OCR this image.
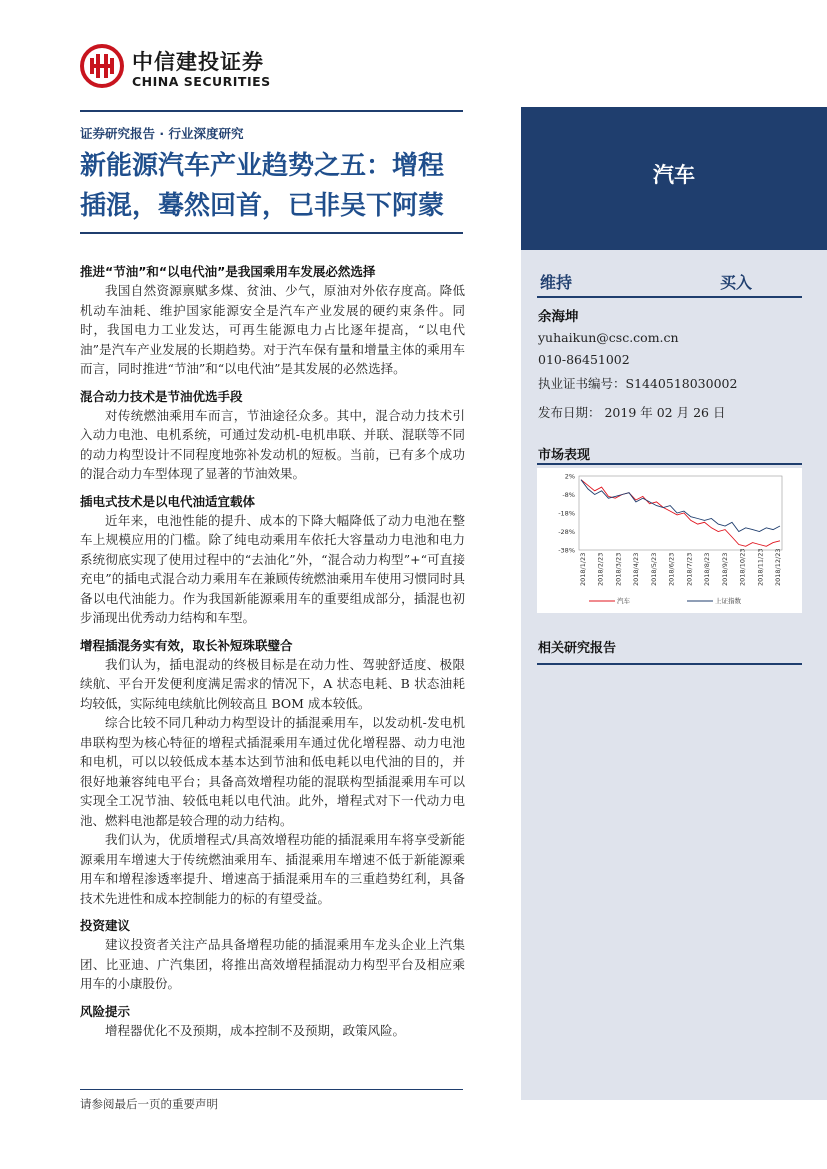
中信建投证券
CHINA SECURITIES
证券研究报告 · 行业深度研究
新能源汽车产业趋势之五：增程
插混，蓦然回首，已非吴下阿蒙
汽车
维持	买入
余海坤
yuhaikun@csc.com.cn
010-86451002
执业证书编号：S1440518030002
发布日期： 2019 年 02 月 26 日
市场表现
2%
-8%
-18%
-28%
-38%
2018/1/23 2018/2/23 2018/3/23 2018/4/23 2018/5/23 2018/6/23 2018/7/23 2018/8/23 2018/9/23 2018/10/23 2018/11/23 2018/12/23
汽车	上证指数
相关研究报告
推进“节油”和“以电代油”是我国乘用车发展必然选择

我国自然资源禀赋多煤、贫油、少气，原油对外依存度高。降低机动车油耗、维护国家能源安全是汽车产业发展的硬约束条件。同时，我国电力工业发达，可再生能源电力占比逐年提高，“以电代油”是汽车产业发展的长期趋势。对于汽车保有量和增量主体的乘用车而言，同时推进“节油”和“以电代油”是其发展的必然选择。

混合动力技术是节油优选手段

对传统燃油乘用车而言，节油途径众多。其中，混合动力技术引入动力电池、电机系统，可通过发动机-电机串联、并联、混联等不同的动力构型设计不同程度地弥补发动机的短板。当前，已有多个成功的混合动力车型体现了显著的节油效果。

插电式技术是以电代油适宜载体

近年来，电池性能的提升、成本的下降大幅降低了动力电池在整车上规模应用的门槛。除了纯电动乘用车依托大容量动力电池和电力系统彻底实现了使用过程中的“去油化”外，“混合动力构型”+“可直接充电”的插电式混合动力乘用车在兼顾传统燃油乘用车使用习惯同时具备以电代油能力。作为我国新能源乘用车的重要组成部分，插混也初步涌现出优秀动力结构和车型。

增程插混务实有效，取长补短珠联璧合

我们认为，插电混动的终极目标是在动力性、驾驶舒适度、极限续航、平台开发便利度满足需求的情况下，A 状态电耗、B 状态油耗均较低，实际纯电续航比例较高且 BOM 成本较低。

综合比较不同几种动力构型设计的插混乘用车，以发动机-发电机串联构型为核心特征的增程式插混乘用车通过优化增程器、动力电池和电机，可以以较低成本基本达到节油和低电耗以电代油的目的，并很好地兼容纯电平台；具备高效增程功能的混联构型插混乘用车可以实现全工况节油、较低电耗以电代油。此外，增程式对下一代动力电池、燃料电池都是较合理的动力结构。

我们认为，优质增程式/具高效增程功能的插混乘用车将享受新能源乘用车增速大于传统燃油乘用车、插混乘用车增速不低于新能源乘用车和增程渗透率提升、增速高于插混乘用车的三重趋势红利，具备技术先进性和成本控制能力的标的有望受益。

投资建议

建议投资者关注产品具备增程功能的插混乘用车龙头企业上汽集团、比亚迪、广汽集团，将推出高效增程插混动力构型平台及相应乘用车的小康股份。

风险提示

增程器优化不及预期，成本控制不及预期，政策风险。

请参阅最后一页的重要声明
